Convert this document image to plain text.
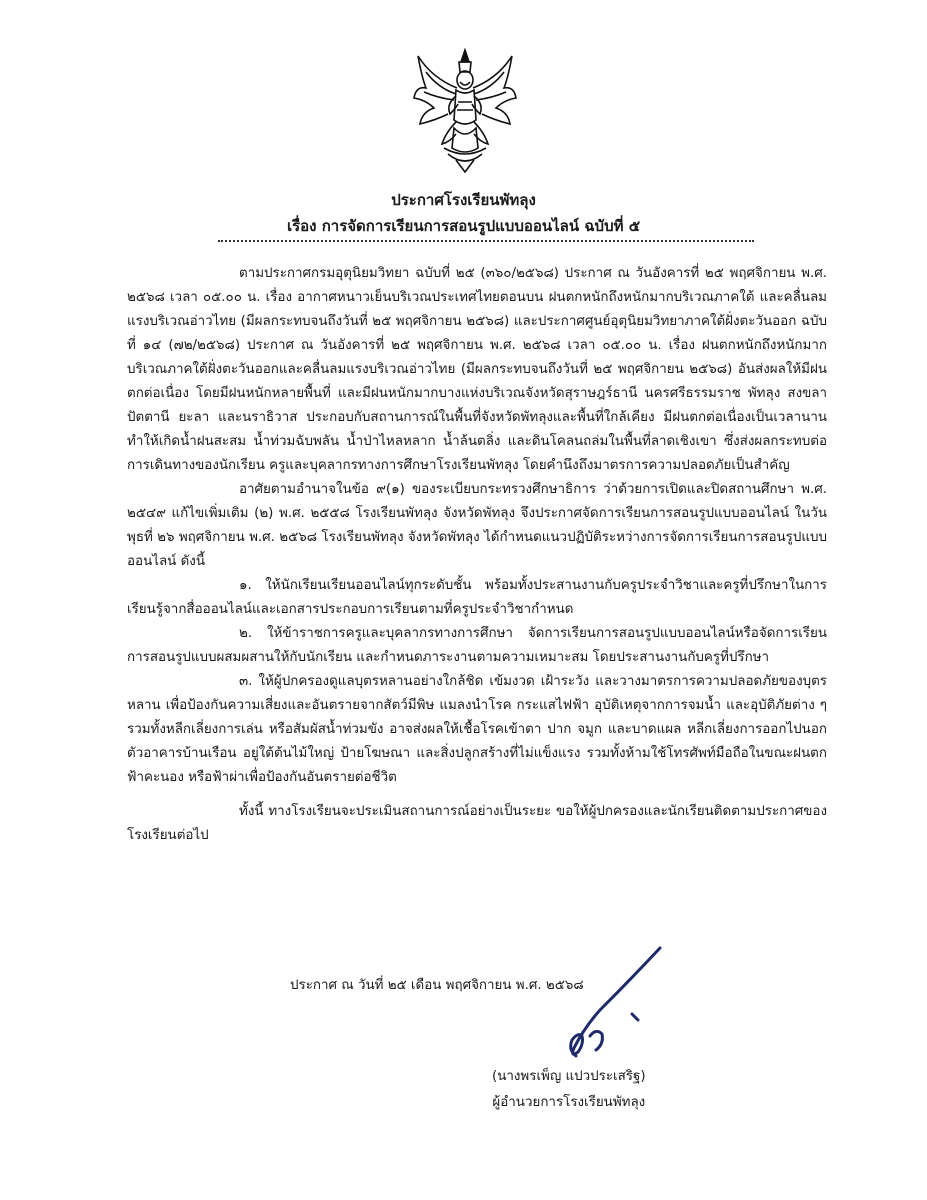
ประกาศโรงเรียนพัทลุง
เรื่อง การจัดการเรียนการสอนรูปแบบออนไลน์ ฉบับที่ ๕

ตามประกาศกรมอุตุนิยมวิทยา ฉบับที่ ๒๕ (๓๖๐/๒๕๖๘) ประกาศ ณ วันอังคารที่ ๒๕ พฤศจิกายน พ.ศ. ๒๕๖๘ เวลา ๐๕.๐๐ น. เรื่อง อากาศหนาวเย็นบริเวณประเทศไทยตอนบน ฝนตกหนักถึงหนักมากบริเวณภาคใต้ และคลื่นลมแรงบริเวณอ่าวไทย (มีผลกระทบจนถึงวันที่ ๒๕ พฤศจิกายน ๒๕๖๘) และประกาศศูนย์อุตุนิยมวิทยาภาคใต้ฝั่งตะวันออก ฉบับที่ ๑๔ (๗๒/๒๕๖๘) ประกาศ ณ วันอังคารที่ ๒๕ พฤศจิกายน พ.ศ. ๒๕๖๘ เวลา ๐๕.๐๐ น. เรื่อง ฝนตกหนักถึงหนักมากบริเวณภาคใต้ฝั่งตะวันออกและคลื่นลมแรงบริเวณอ่าวไทย (มีผลกระทบจนถึงวันที่ ๒๕ พฤศจิกายน ๒๕๖๘) อันส่งผลให้มีฝนตกต่อเนื่อง โดยมีฝนหนักหลายพื้นที่ และมีฝนหนักมากบางแห่งบริเวณจังหวัดสุราษฎร์ธานี นครศรีธรรมราช พัทลุง สงขลา ปัตตานี ยะลา และนราธิวาส ประกอบกับสถานการณ์ในพื้นที่จังหวัดพัทลุงและพื้นที่ใกล้เคียง มีฝนตกต่อเนื่องเป็นเวลานาน ทำให้เกิดน้ำฝนสะสม น้ำท่วมฉับพลัน น้ำป่าไหลหลาก น้ำล้นตลิ่ง และดินโคลนถล่มในพื้นที่ลาดเชิงเขา ซึ่งส่งผลกระทบต่อการเดินทางของนักเรียน ครูและบุคลากรทางการศึกษาโรงเรียนพัทลุง โดยคำนึงถึงมาตรการความปลอดภัยเป็นสำคัญ

อาศัยตามอำนาจในข้อ ๙(๑) ของระเบียบกระทรวงศึกษาธิการ ว่าด้วยการเปิดและปิดสถานศึกษา พ.ศ. ๒๕๔๙ แก้ไขเพิ่มเติม (๒) พ.ศ. ๒๕๕๘ โรงเรียนพัทลุง จังหวัดพัทลุง จึงประกาศจัดการเรียนการสอนรูปแบบออนไลน์ ในวันพุธที่ ๒๖ พฤศจิกายน พ.ศ. ๒๕๖๘ โรงเรียนพัทลุง จังหวัดพัทลุง ได้กำหนดแนวปฏิบัติระหว่างการจัดการเรียนการสอนรูปแบบออนไลน์ ดังนี้

๑. ให้นักเรียนเรียนออนไลน์ทุกระดับชั้น พร้อมทั้งประสานงานกับครูประจำวิชาและครูที่ปรึกษาในการเรียนรู้จากสื่อออนไลน์และเอกสารประกอบการเรียนตามที่ครูประจำวิชากำหนด

๒. ให้ข้าราชการครูและบุคลากรทางการศึกษา จัดการเรียนการสอนรูปแบบออนไลน์หรือจัดการเรียนการสอนรูปแบบผสมผสานให้กับนักเรียน และกำหนดภาระงานตามความเหมาะสม โดยประสานงานกับครูที่ปรึกษา

๓. ให้ผู้ปกครองดูแลบุตรหลานอย่างใกล้ชิด เข้มงวด เฝ้าระวัง และวางมาตรการความปลอดภัยของบุตรหลาน เพื่อป้องกันความเสี่ยงและอันตรายจากสัตว์มีพิษ แมลงนำโรค กระแสไฟฟ้า อุบัติเหตุจากการจมน้ำ และอุบัติภัยต่าง ๆ รวมทั้งหลีกเลี่ยงการเล่น หรือสัมผัสน้ำท่วมขัง อาจส่งผลให้เชื้อโรคเข้าตา ปาก จมูก และบาดแผล หลีกเลี่ยงการออกไปนอกตัวอาคารบ้านเรือน อยู่ใต้ต้นไม้ใหญ่ ป้ายโฆษณา และสิ่งปลูกสร้างที่ไม่แข็งแรง รวมทั้งห้ามใช้โทรศัพท์มือถือในขณะฝนตก ฟ้าคะนอง หรือฟ้าผ่าเพื่อป้องกันอันตรายต่อชีวิต

ทั้งนี้ ทางโรงเรียนจะประเมินสถานการณ์อย่างเป็นระยะ ขอให้ผู้ปกครองและนักเรียนติดตามประกาศของโรงเรียนต่อไป

ประกาศ ณ วันที่ ๒๕ เดือน พฤศจิกายน พ.ศ. ๒๕๖๘
(นางพรเพ็ญ แปวประเสริฐ)
ผู้อำนวยการโรงเรียนพัทลุง
